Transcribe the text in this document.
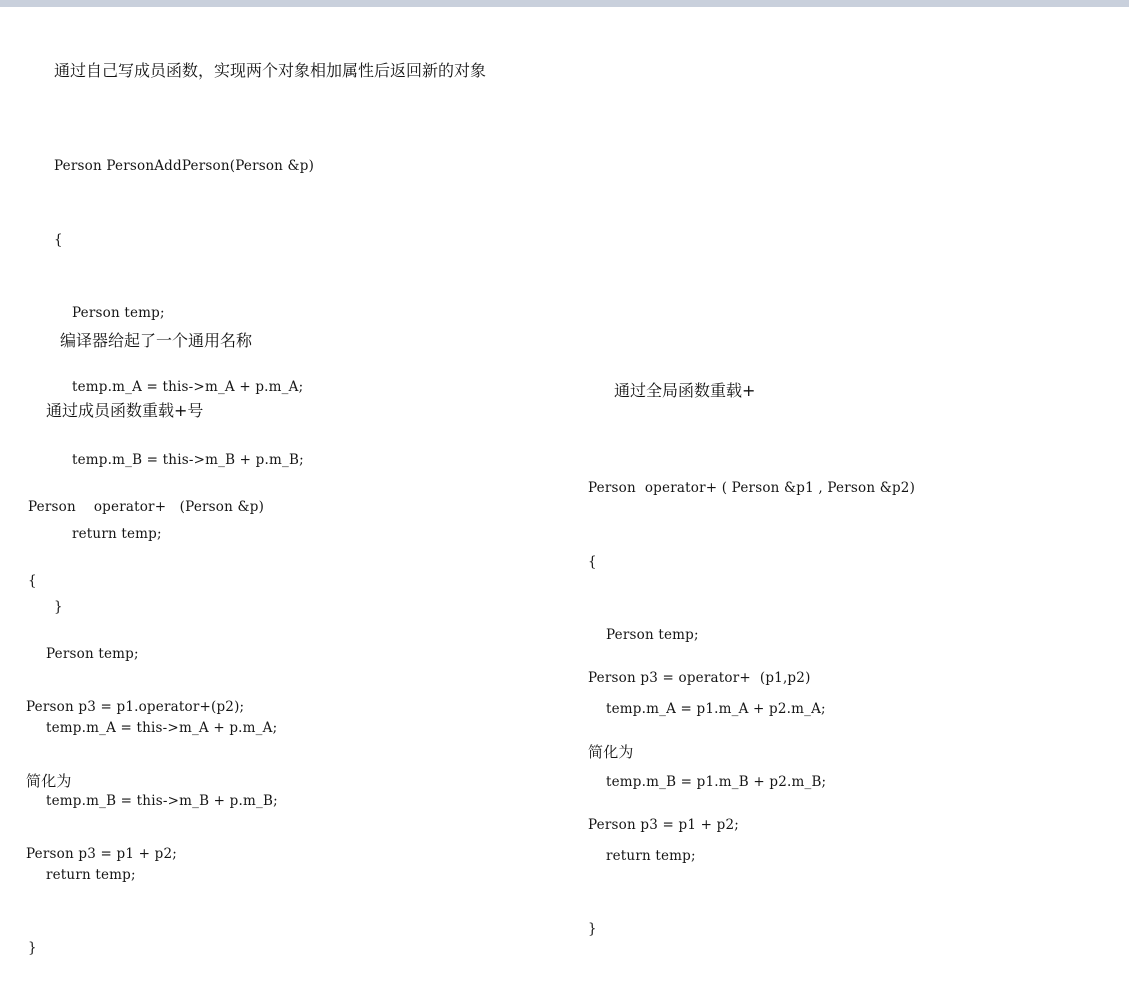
通过自己写成员函数，实现两个对象相加属性后返回新的对象

Person PersonAddPerson(Person &p)

{

Person temp;

temp.m_A = this->m_A + p.m_A;

temp.m_B = this->m_B + p.m_B;

return temp;

}

编译器给起了一个通用名称
通过成员函数重载+号

Person    operator+   (Person &p)

{

Person temp;

temp.m_A = this->m_A + p.m_A;

temp.m_B = this->m_B + p.m_B;

return temp;

}

Person p3 = p1.operator+(p2);

简化为

Person p3 = p1 + p2;

通过全局函数重载+

Person  operator+ ( Person &p1 , Person &p2)

{

Person temp;

temp.m_A = p1.m_A + p2.m_A;

temp.m_B = p1.m_B + p2.m_B;

return temp;

}

Person p3 = operator+  (p1,p2)

简化为

Person p3 = p1 + p2;
